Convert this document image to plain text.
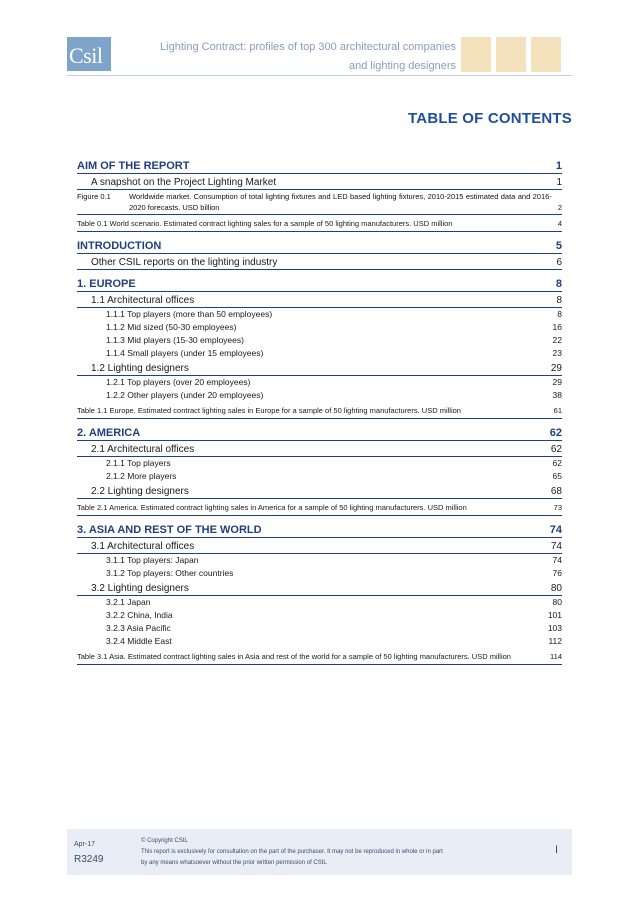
Csil	Lighting Contract: profiles of top 300 architectural companies
and lighting designers
TABLE OF CONTENTS
AIM OF THE REPORT	1
A snapshot on the Project Lighting Market	1
Figure 0.1	Worldwide market. Consumption of total lighting fixtures and LED based lighting fixtures, 2010-2015 estimated data and 2016-2020 forecasts. USD billion	2
Table 0.1 World scenario. Estimated contract lighting sales for a sample of 50 lighting manufacturers. USD million	4
INTRODUCTION	5
Other CSIL reports on the lighting industry	6
1. EUROPE	8
1.1 Architectural offices	8
1.1.1 Top players (more than 50 employees)	8
1.1.2 Mid sized (50-30 employees)	16
1.1.3 Mid players (15-30 employees)	22
1.1.4 Small players (under 15 employees)	23
1.2 Lighting designers	29
1.2.1 Top players (over 20 employees)	29
1.2.2 Other players (under 20 employees)	38
Table 1.1 Europe. Estimated contract lighting sales in Europe for a sample of 50 lighting manufacturers. USD million	61
2. AMERICA	62
2.1 Architectural offices	62
2.1.1 Top players	62
2.1.2 More players	65
2.2 Lighting designers	68
Table 2.1 America. Estimated contract lighting sales in America for a sample of 50 lighting manufacturers. USD million	73
3. ASIA AND REST OF THE WORLD	74
3.1 Architectural offices	74
3.1.1 Top players: Japan	74
3.1.2 Top players: Other countries	76
3.2 Lighting designers	80
3.2.1 Japan	80
3.2.2 China, India	101
3.2.3 Asia Pacific	103
3.2.4 Middle East	112
Table 3.1 Asia. Estimated contract lighting sales in Asia and rest of the world for a sample of 50 lighting manufacturers. USD million	114
Apr-17
R3249
© Copyright CSIL
This report is exclusively for consultation on the part of the purchaser. It may not be reproduced in whole or in part
by any means whatsoever without the prior written permission of CSIL
I
